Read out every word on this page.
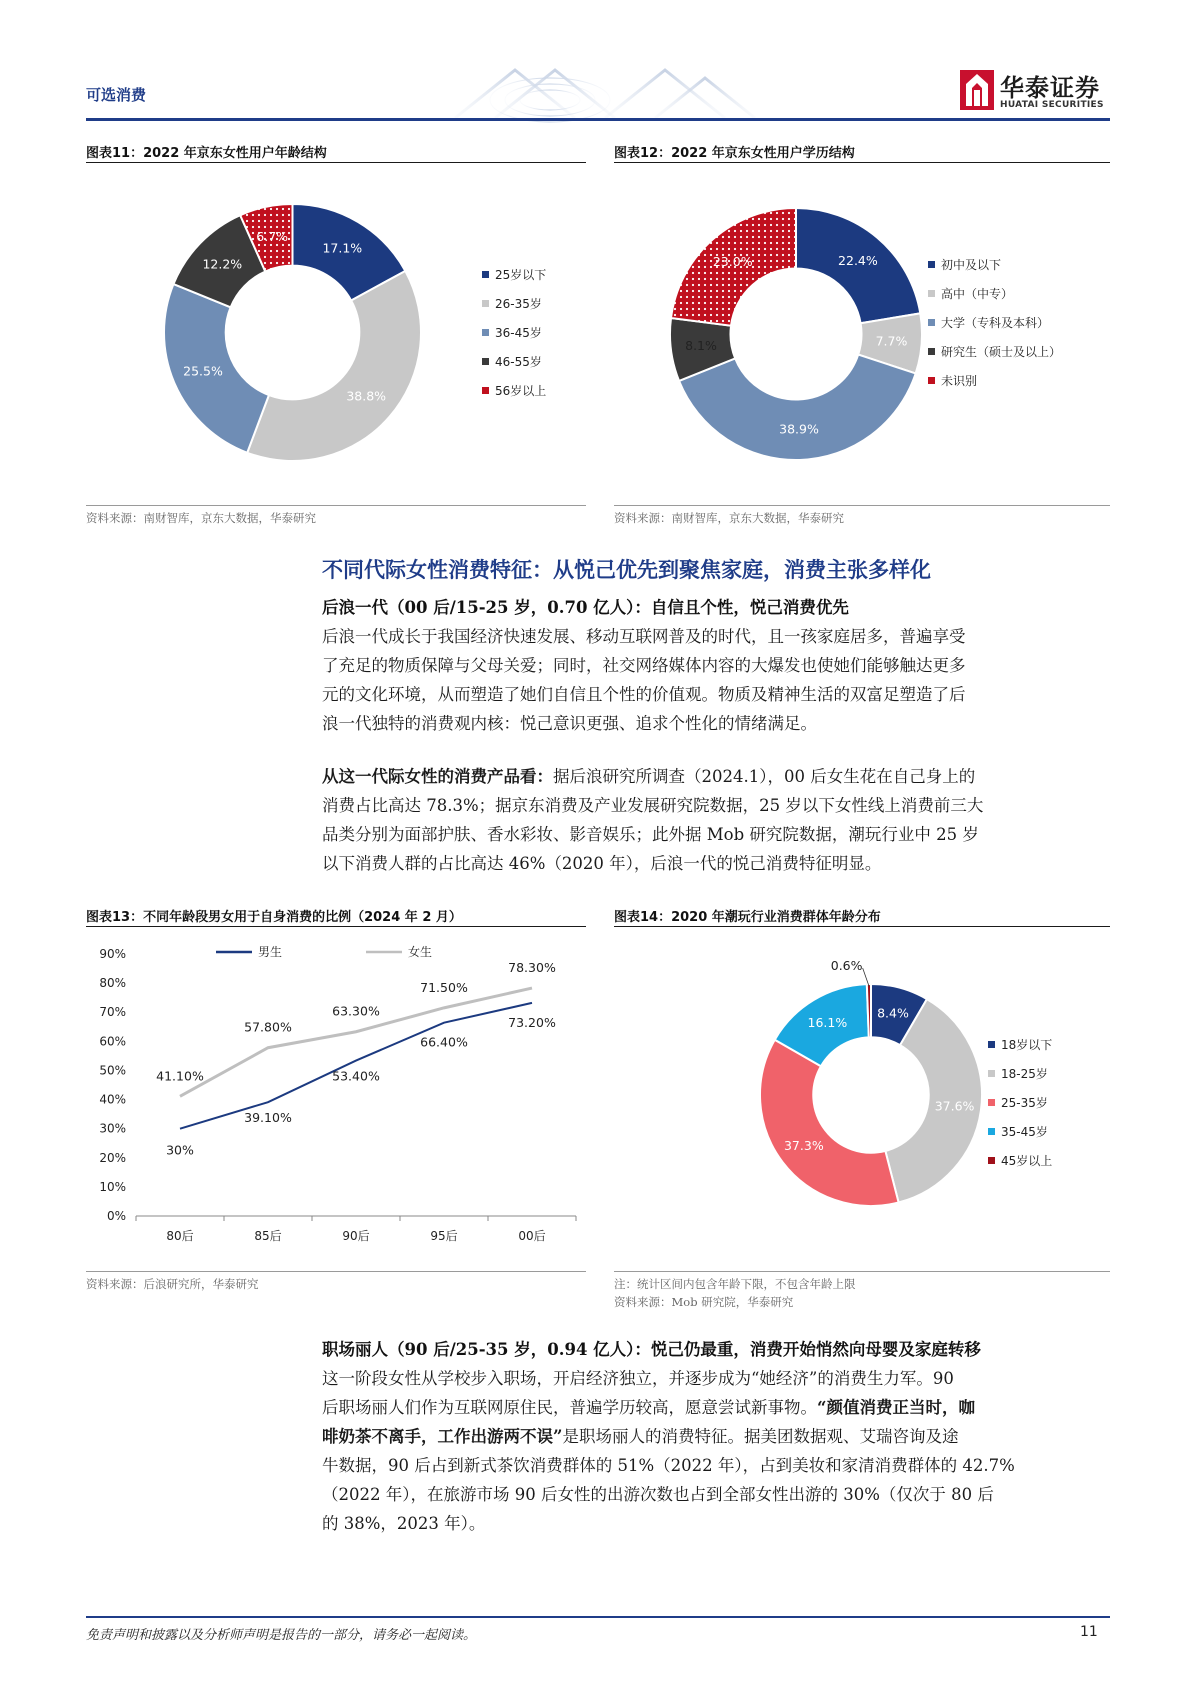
可选消费	华泰证券
HUATAI SECURITIES
图表11：2022 年京东女性用户年龄结构
17.1%
38.8%
25.5%
12.2%
6.7%
25岁以下
26-35岁
36-45岁
46-55岁
56岁以上
资料来源：南财智库，京东大数据，华泰研究
图表12：2022 年京东女性用户学历结构
22.4%
7.7%
38.9%
8.1%
23.0%	初中及以下
高中（中专）
大学（专科及本科）
研究生（硕士及以上）
未识别
资料来源：南财智库，京东大数据，华泰研究
不同代际女性消费特征：从悦己优先到聚焦家庭，消费主张多样化
后浪一代（00 后/15-25 岁，0.70 亿人）：自信且个性，悦己消费优先
后浪一代成长于我国经济快速发展、移动互联网普及的时代，且一孩家庭居多，普遍享受
了充足的物质保障与父母关爱；同时，社交网络媒体内容的大爆发也使她们能够触达更多
元的文化环境，从而塑造了她们自信且个性的价值观。物质及精神生活的双富足塑造了后
浪一代独特的消费观内核：悦己意识更强、追求个性化的情绪满足。
从这一代际女性的消费产品看：据后浪研究所调查（2024.1），00 后女生花在自己身上的
消费占比高达 78.3%；据京东消费及产业发展研究院数据，25 岁以下女性线上消费前三大
品类分别为面部护肤、香水彩妆、影音娱乐；此外据 Mob 研究院数据，潮玩行业中 25 岁
以下消费人群的占比高达 46%（2020 年），后浪一代的悦己消费特征明显。
图表13：不同年龄段男女用于自身消费的比例（2024 年 2 月）
0%
10%
20%
30%
40%
50%
60%
70%
80%
90%
80后	85后	90后	95后	00后
30%
39.10%
53.40%
66.40%
73.20%
41.10%
57.80%
63.30%
71.50%
78.30%
男生	女生
资料来源：后浪研究所，华泰研究
图表14：2020 年潮玩行业消费群体年龄分布
8.4%
37.6%
37.3%
16.1%
0.6%
18岁以下
18-25岁
25-35岁
35-45岁
45岁以上
注：统计区间内包含年龄下限，不包含年龄上限
资料来源：Mob 研究院，华泰研究
职场丽人（90 后/25-35 岁，0.94 亿人）：悦己仍最重，消费开始悄然向母婴及家庭转移
这一阶段女性从学校步入职场，开启经济独立，并逐步成为“她经济”的消费生力军。90
后职场丽人们作为互联网原住民，普遍学历较高，愿意尝试新事物。“颜值消费正当时，咖
啡奶茶不离手，工作出游两不误”是职场丽人的消费特征。据美团数据观、艾瑞咨询及途
牛数据，90 后占到新式茶饮消费群体的 51%（2022 年），占到美妆和家清消费群体的 42.7%
（2022 年），在旅游市场 90 后女性的出游次数也占到全部女性出游的 30%（仅次于 80 后
的 38%，2023 年）。
免责声明和披露以及分析师声明是报告的一部分，请务必一起阅读。	11
